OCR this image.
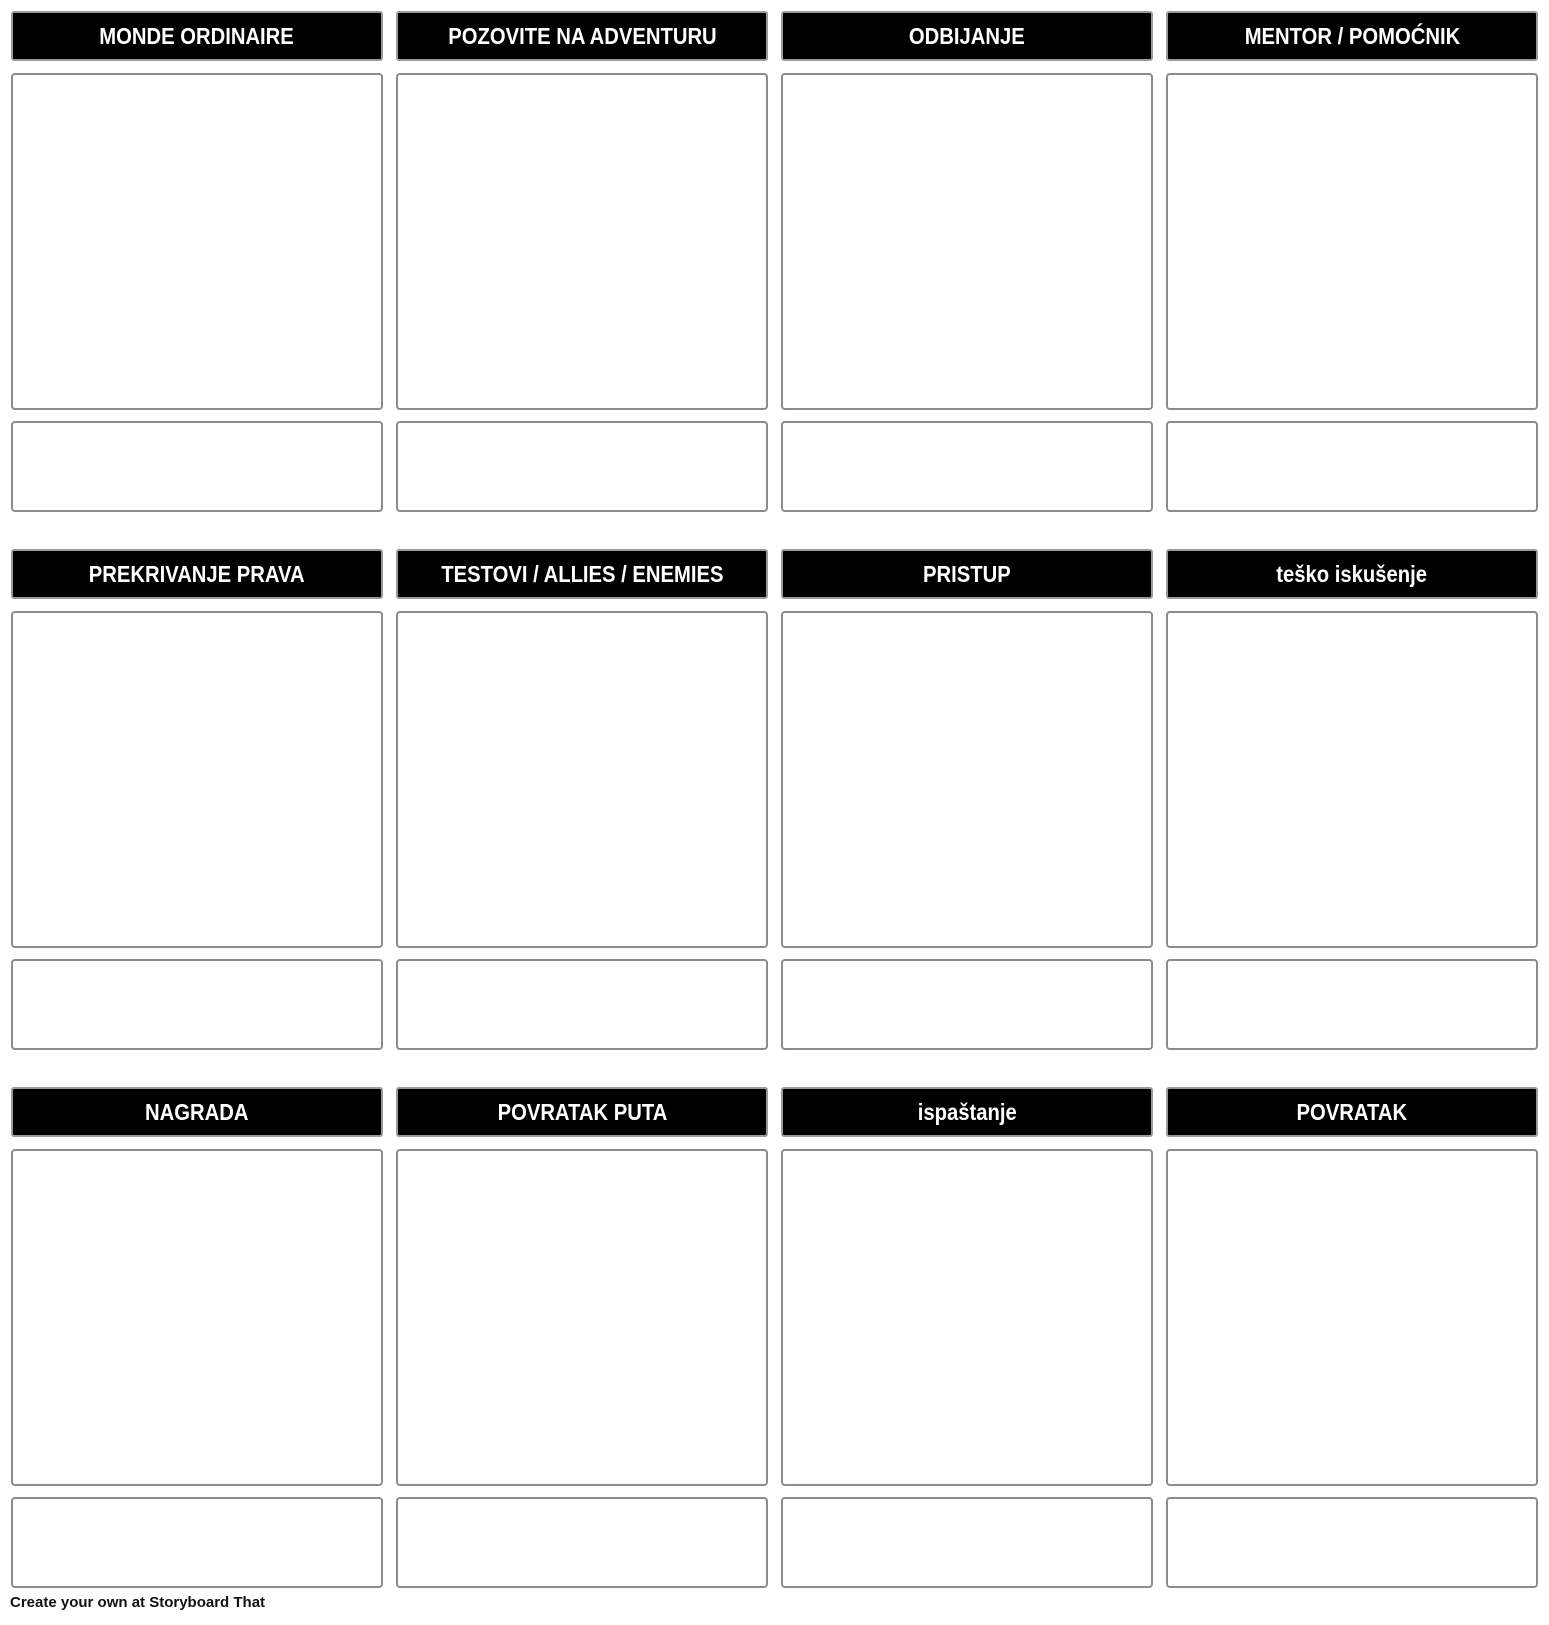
MONDE ORDINAIRE	POZOVITE NA ADVENTURU	ODBIJANJE	MENTOR / POMOĆNIK
PREKRIVANJE PRAVA	TESTOVI / ALLIES / ENEMIES	PRISTUP	teško iskušenje
NAGRADA	POVRATAK PUTA	ispaštanje	POVRATAK
Create your own at Storyboard That
